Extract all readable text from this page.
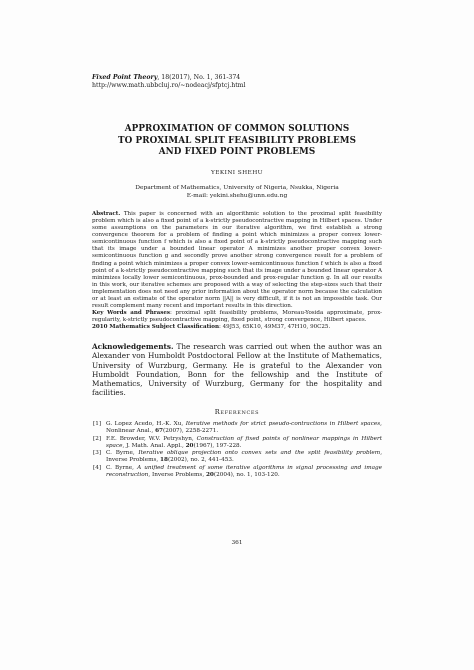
Fixed Point Theory, 18(2017), No. 1, 361-374
http://www.math.ubbcluj.ro/~nodeacj/sfptcj.html
APPROXIMATION OF COMMON SOLUTIONS
TO PROXIMAL SPLIT FEASIBILITY PROBLEMS
AND FIXED POINT PROBLEMS
YEKINI SHEHU
Department of Mathematics, University of Nigeria, Nsukka, Nigeria
E-mail: yekini.shehu@unn.edu.ng
Abstract. This paper is concerned with an algorithmic solution to the proximal split feasibility problem which is also a fixed point of a k-strictly pseudocontractive mapping in Hilbert spaces. Under some assumptions on the parameters in our iterative algorithm, we first establish a strong convergence theorem for a problem of finding a point which minimizes a proper convex lower-semicontinuous function f which is also a fixed point of a k-strictly pseudocontractive mapping such that its image under a bounded linear operator A minimizes another proper convex lower-semicontinuous function g and secondly prove another strong convergence result for a problem of finding a point which minimizes a proper convex lower-semicontinuous function f which is also a fixed point of a k-strictly pseudocontractive mapping such that its image under a bounded linear operator A minimizes locally lower semicontinuous, prox-bounded and prox-regular function g. In all our results in this work, our iterative schemes are proposed with a way of selecting the step-sizes such that their implementation does not need any prior information about the operator norm because the calculation or at least an estimate of the operator norm ||A|| is very difficult, if it is not an impossible task. Our result complement many recent and important results in this direction.
Key Words and Phrases: proximal split feasibility problems, Moreau-Yosida approximate, prox-regularity, k-strictly pseudocontractive mapping, fixed point, strong convergence, Hilbert spaces.
2010 Mathematics Subject Classification: 49J53, 65K10, 49M37, 47H10, 90C25.
Acknowledgements. The research was carried out when the author was an Alexander von Humboldt Postdoctoral Fellow at the Institute of Mathematics, University of Wurzburg, Germany. He is grateful to the Alexander von Humboldt Foundation, Bonn for the fellowship and the Institute of Mathematics, University of Wurzburg, Germany for the hospitality and facilities.
References
[1] G. Lopez Acedo, H.-K. Xu, Iterative methods for strict pseudo-contractions in Hilbert spaces, Nonlinear Anal., 67(2007), 2258-2271.
[2] F.E. Browder, W.V. Petryshyn, Construction of fixed points of nonlinear mappings in Hilbert space, J. Math. Anal. Appl., 20(1967), 197-228.
[3] C. Byrne, Iterative oblique projection onto convex sets and the split feasibility problem, Inverse Problems, 18(2002), no. 2, 441-453.
[4] C. Byrne, A unified treatment of some iterative algorithms in signal processing and image reconstruction, Inverse Problems, 20(2004), no. 1, 103-120.
361
